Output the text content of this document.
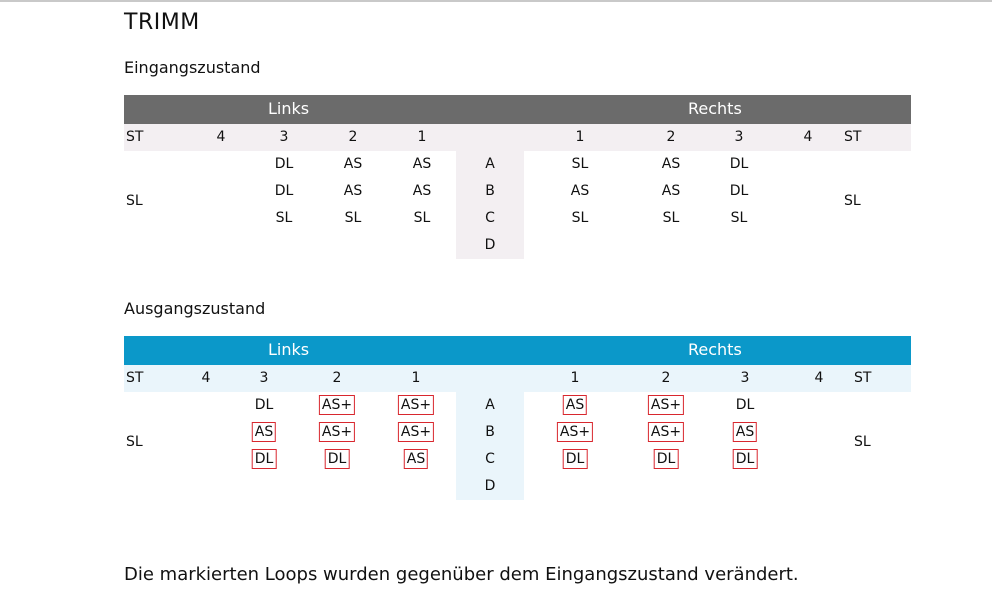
TRIMM
Eingangszustand
Links	Rechts
ST	4	3	2	1	1	2	3	4 ST
SL	SL
DL	AS	AS	A	SL	AS	DL
DL	AS	AS	B	AS	AS	DL
SL	SL	SL	C	SL	SL	SL
D
Ausgangszustand
Links	Rechts
ST	4	3	2	1	1	2	3	4 ST
SL	SL
DL	AS+	AS+	A	AS	AS+	DL
AS	AS+	AS+	B	AS+	AS+	AS
DL	DL	AS	C	DL	DL	DL
D
Die markierten Loops wurden gegenüber dem Eingangszustand verändert.
